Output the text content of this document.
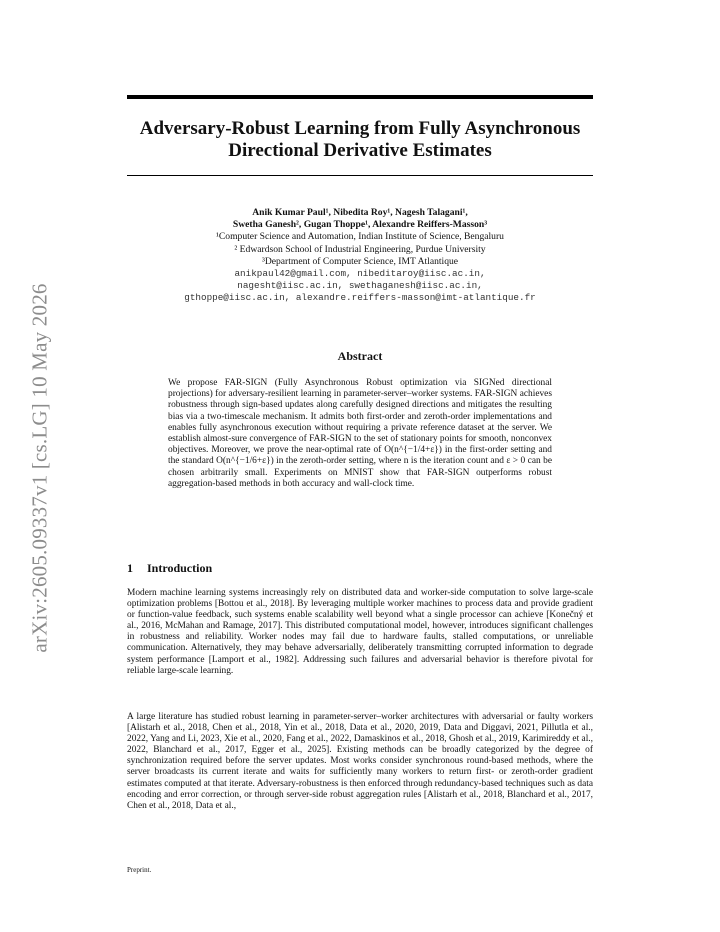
arXiv:2605.09337v1 [cs.LG] 10 May 2026
Adversary-Robust Learning from Fully Asynchronous Directional Derivative Estimates
Anik Kumar Paul¹, Nibedita Roy¹, Nagesh Talagani¹,
Swetha Ganesh², Gugan Thoppe¹, Alexandre Reiffers-Masson³
¹Computer Science and Automation, Indian Institute of Science, Bengaluru
² Edwardson School of Industrial Engineering, Purdue University
³Department of Computer Science, IMT Atlantique
anikpaul42@gmail.com, nibeditaroy@iisc.ac.in,
nagesht@iisc.ac.in, swethaganesh@iisc.ac.in,
gthoppe@iisc.ac.in, alexandre.reiffers-masson@imt-atlantique.fr
Abstract
We propose FAR-SIGN (Fully Asynchronous Robust optimization via SIGNed directional projections) for adversary-resilient learning in parameter-server–worker systems. FAR-SIGN achieves robustness through sign-based updates along carefully designed directions and mitigates the resulting bias via a two-timescale mechanism. It admits both first-order and zeroth-order implementations and enables fully asynchronous execution without requiring a private reference dataset at the server. We establish almost-sure convergence of FAR-SIGN to the set of stationary points for smooth, nonconvex objectives. Moreover, we prove the near-optimal rate of O(n^{−1/4+ε}) in the first-order setting and the standard O(n^{−1/6+ε}) in the zeroth-order setting, where n is the iteration count and ε > 0 can be chosen arbitrarily small. Experiments on MNIST show that FAR-SIGN outperforms robust aggregation-based methods in both accuracy and wall-clock time.
1 Introduction
Modern machine learning systems increasingly rely on distributed data and worker-side computation to solve large-scale optimization problems [Bottou et al., 2018]. By leveraging multiple worker machines to process data and provide gradient or function-value feedback, such systems enable scalability well beyond what a single processor can achieve [Konečný et al., 2016, McMahan and Ramage, 2017]. This distributed computational model, however, introduces significant challenges in robustness and reliability. Worker nodes may fail due to hardware faults, stalled computations, or unreliable communication. Alternatively, they may behave adversarially, deliberately transmitting corrupted information to degrade system performance [Lamport et al., 1982]. Addressing such failures and adversarial behavior is therefore pivotal for reliable large-scale learning.
A large literature has studied robust learning in parameter-server–worker architectures with adversarial or faulty workers [Alistarh et al., 2018, Chen et al., 2018, Yin et al., 2018, Data et al., 2020, 2019, Data and Diggavi, 2021, Pillutla et al., 2022, Yang and Li, 2023, Xie et al., 2020, Fang et al., 2022, Damaskinos et al., 2018, Ghosh et al., 2019, Karimireddy et al., 2022, Blanchard et al., 2017, Egger et al., 2025]. Existing methods can be broadly categorized by the degree of synchronization required before the server updates. Most works consider synchronous round-based methods, where the server broadcasts its current iterate and waits for sufficiently many workers to return first- or zeroth-order gradient estimates computed at that iterate. Adversary-robustness is then enforced through redundancy-based techniques such as data encoding and error correction, or through server-side robust aggregation rules [Alistarh et al., 2018, Blanchard et al., 2017, Chen et al., 2018, Data et al.,
Preprint.
